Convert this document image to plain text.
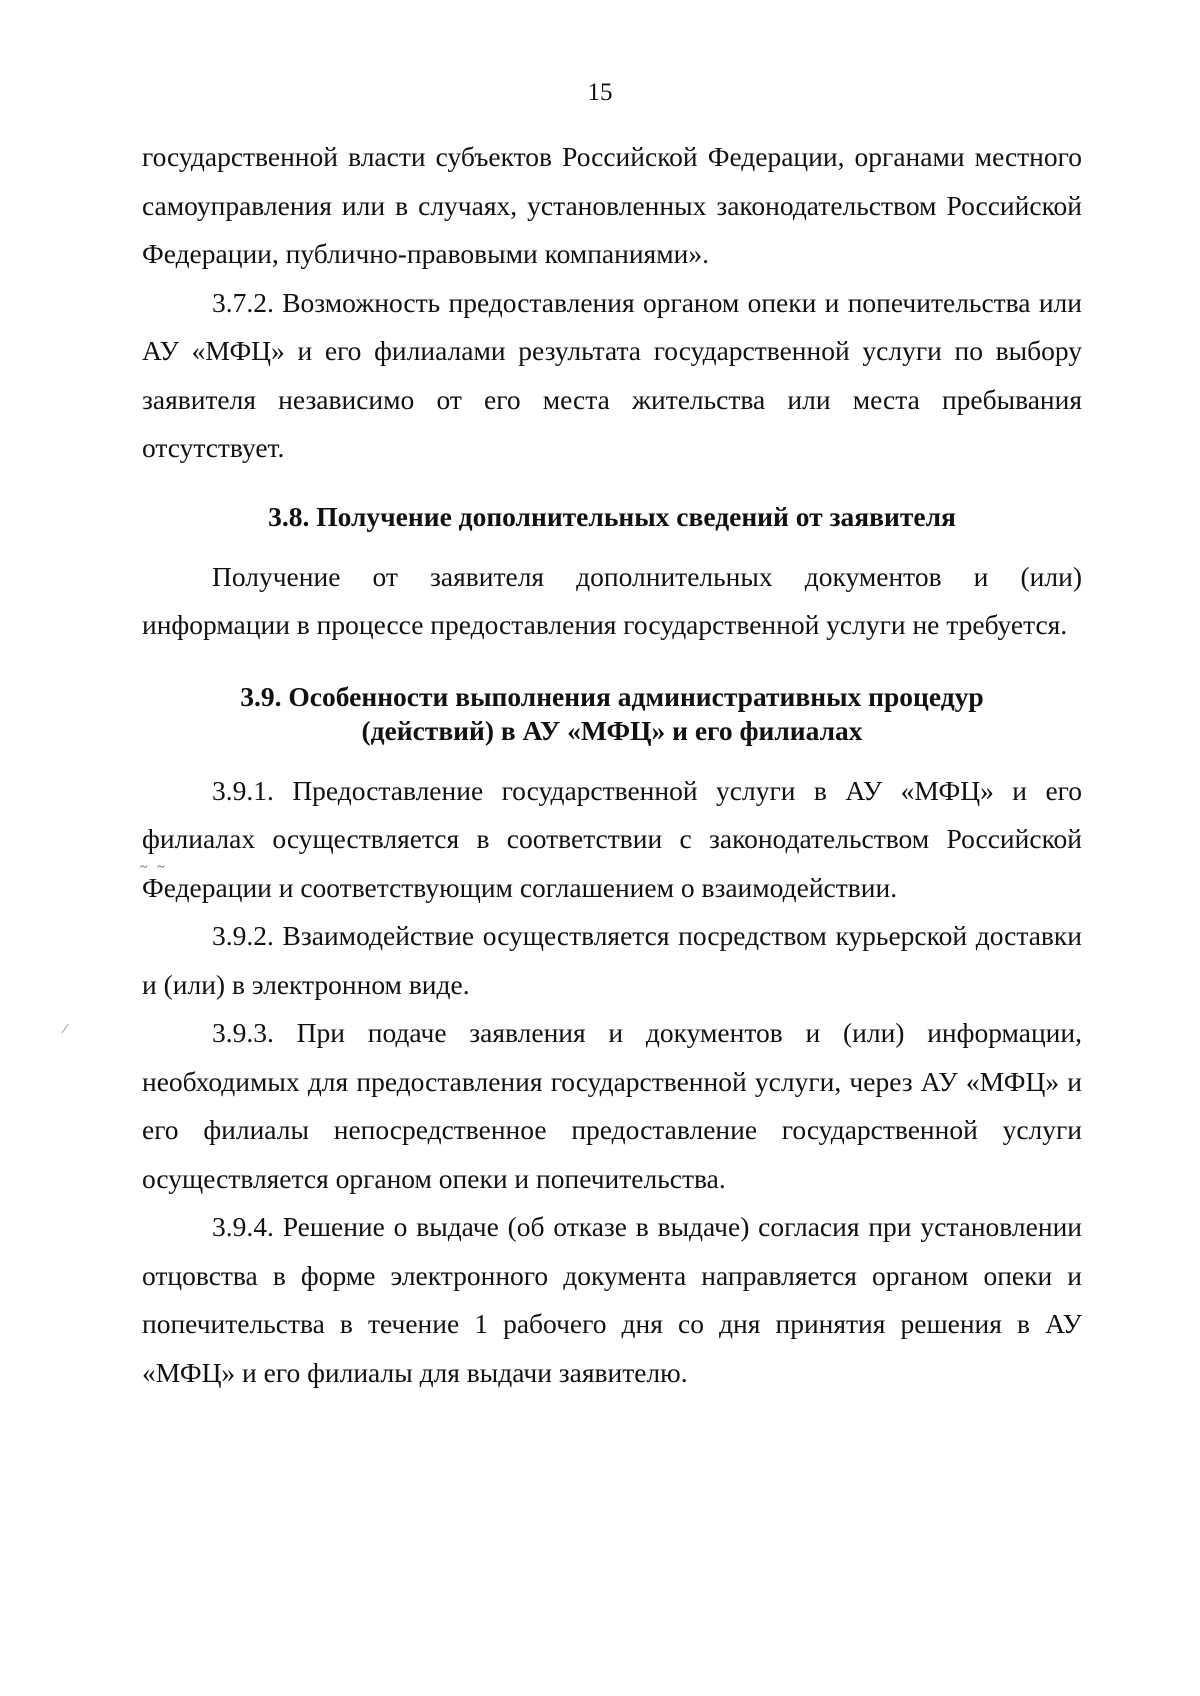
15
~ ~
⁄

государственной власти субъектов Российской Федерации, органами местного самоуправления или в случаях, установленных законодательством Российской Федерации, публично-правовыми компаниями».

3.7.2. Возможность предоставления органом опеки и попечительства или АУ «МФЦ» и его филиалами результата государственной услуги по выбору заявителя независимо от его места жительства или места пребывания отсутствует.

3.8. Получение дополнительных сведений от заявителя

Получение от заявителя дополнительных документов и (или) информации в процессе предоставления государственной услуги не требуется.

3.9. Особенности выполнения административных процедур
(действий) в АУ «МФЦ» и его филиалах

3.9.1. Предоставление государственной услуги в АУ «МФЦ» и его филиалах осуществляется в соответствии с законодательством Российской Федерации и соответствующим соглашением о взаимодействии.

3.9.2. Взаимодействие осуществляется посредством курьерской доставки и (или) в электронном виде.

3.9.3. При подаче заявления и документов и (или) информации, необходимых для предоставления государственной услуги, через АУ «МФЦ» и его филиалы непосредственное предоставление государственной услуги осуществляется органом опеки и попечительства.

3.9.4. Решение о выдаче (об отказе в выдаче) согласия при установлении отцовства в форме электронного документа направляется органом опеки и попечительства в течение 1 рабочего дня со дня принятия решения в АУ «МФЦ» и его филиалы для выдачи заявителю.
